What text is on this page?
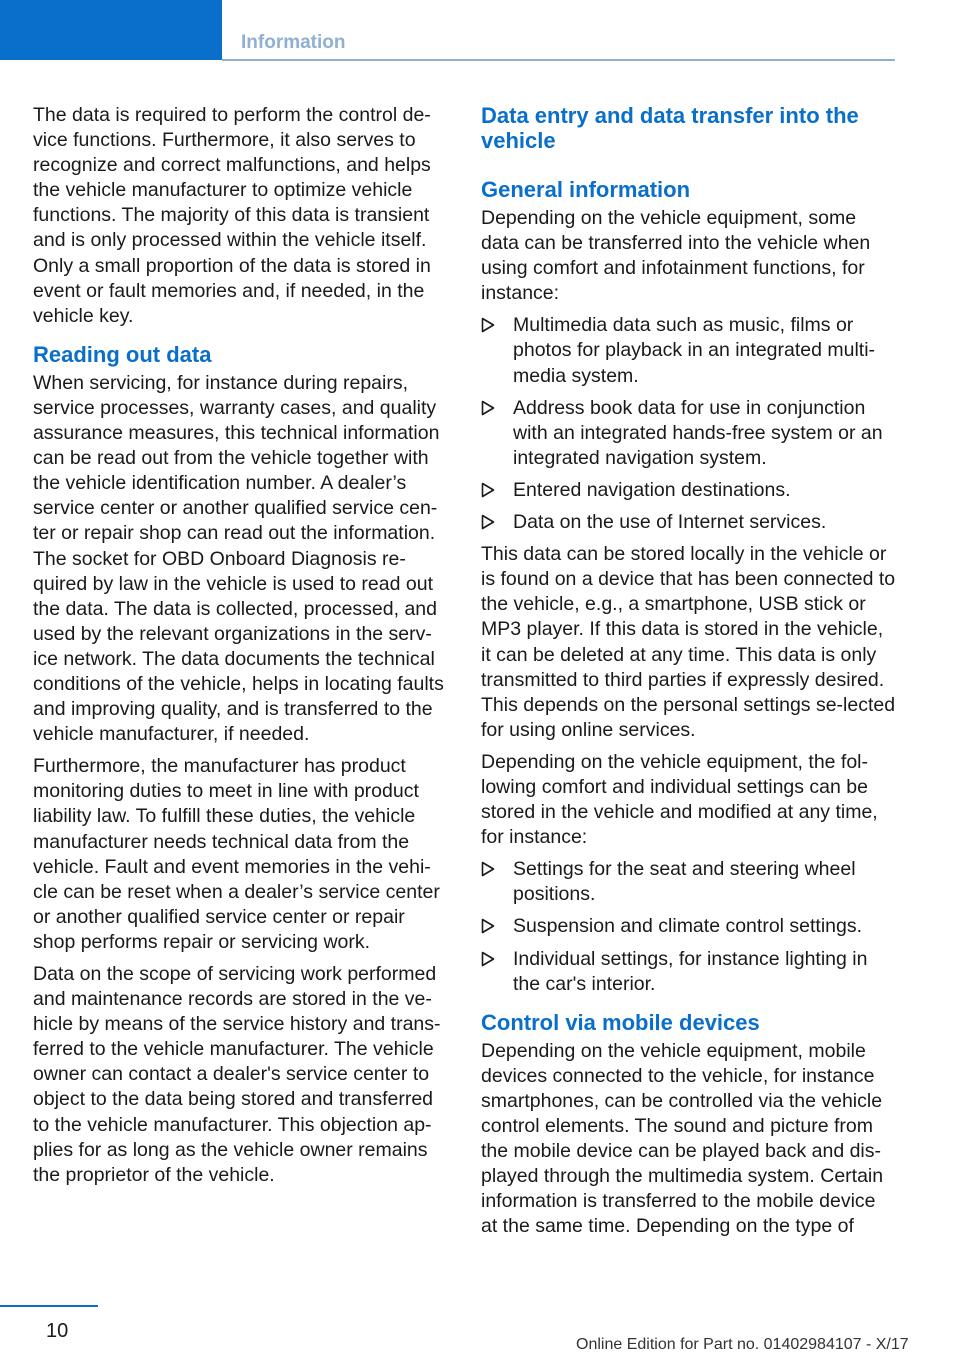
Information

The data is required to perform the control de-vice functions. Furthermore, it also serves to recognize and correct malfunctions, and helps the vehicle manufacturer to optimize vehicle functions. The majority of this data is transient and is only processed within the vehicle itself. Only a small proportion of the data is stored in event or fault memories and, if needed, in the vehicle key.

Reading out data

When servicing, for instance during repairs, service processes, warranty cases, and quality assurance measures, this technical information can be read out from the vehicle together with the vehicle identification number. A dealer’s service center or another qualified service cen-ter or repair shop can read out the information. The socket for OBD Onboard Diagnosis re-quired by law in the vehicle is used to read out the data. The data is collected, processed, and used by the relevant organizations in the serv-ice network. The data documents the technical conditions of the vehicle, helps in locating faults and improving quality, and is transferred to the vehicle manufacturer, if needed.

Furthermore, the manufacturer has product monitoring duties to meet in line with product liability law. To fulfill these duties, the vehicle manufacturer needs technical data from the vehicle. Fault and event memories in the vehi-cle can be reset when a dealer’s service center or another qualified service center or repair shop performs repair or servicing work.

Data on the scope of servicing work performed and maintenance records are stored in the ve-hicle by means of the service history and trans-ferred to the vehicle manufacturer. The vehicle owner can contact a dealer's service center to object to the data being stored and transferred to the vehicle manufacturer. This objection ap-plies for as long as the vehicle owner remains the proprietor of the vehicle.

Data entry and data transfer into the vehicle
General information

Depending on the vehicle equipment, some data can be transferred into the vehicle when using comfort and infotainment functions, for instance:

Multimedia data such as music, films or photos for playback in an integrated multi-media system.
Address book data for use in conjunction with an integrated hands-free system or an integrated navigation system.
Entered navigation destinations.
Data on the use of Internet services.

This data can be stored locally in the vehicle or is found on a device that has been connected to the vehicle, e.g., a smartphone, USB stick or MP3 player. If this data is stored in the vehicle, it can be deleted at any time. This data is only transmitted to third parties if expressly desired. This depends on the personal settings se-lected for using online services.

Depending on the vehicle equipment, the fol-lowing comfort and individual settings can be stored in the vehicle and modified at any time, for instance:

Settings for the seat and steering wheel positions.
Suspension and climate control settings.
Individual settings, for instance lighting in the car's interior.
Control via mobile devices

Depending on the vehicle equipment, mobile devices connected to the vehicle, for instance smartphones, can be controlled via the vehicle control elements. The sound and picture from the mobile device can be played back and dis-played through the multimedia system. Certain information is transferred to the mobile device at the same time. Depending on the type of

10
Online Edition for Part no. 01402984107 - X/17
